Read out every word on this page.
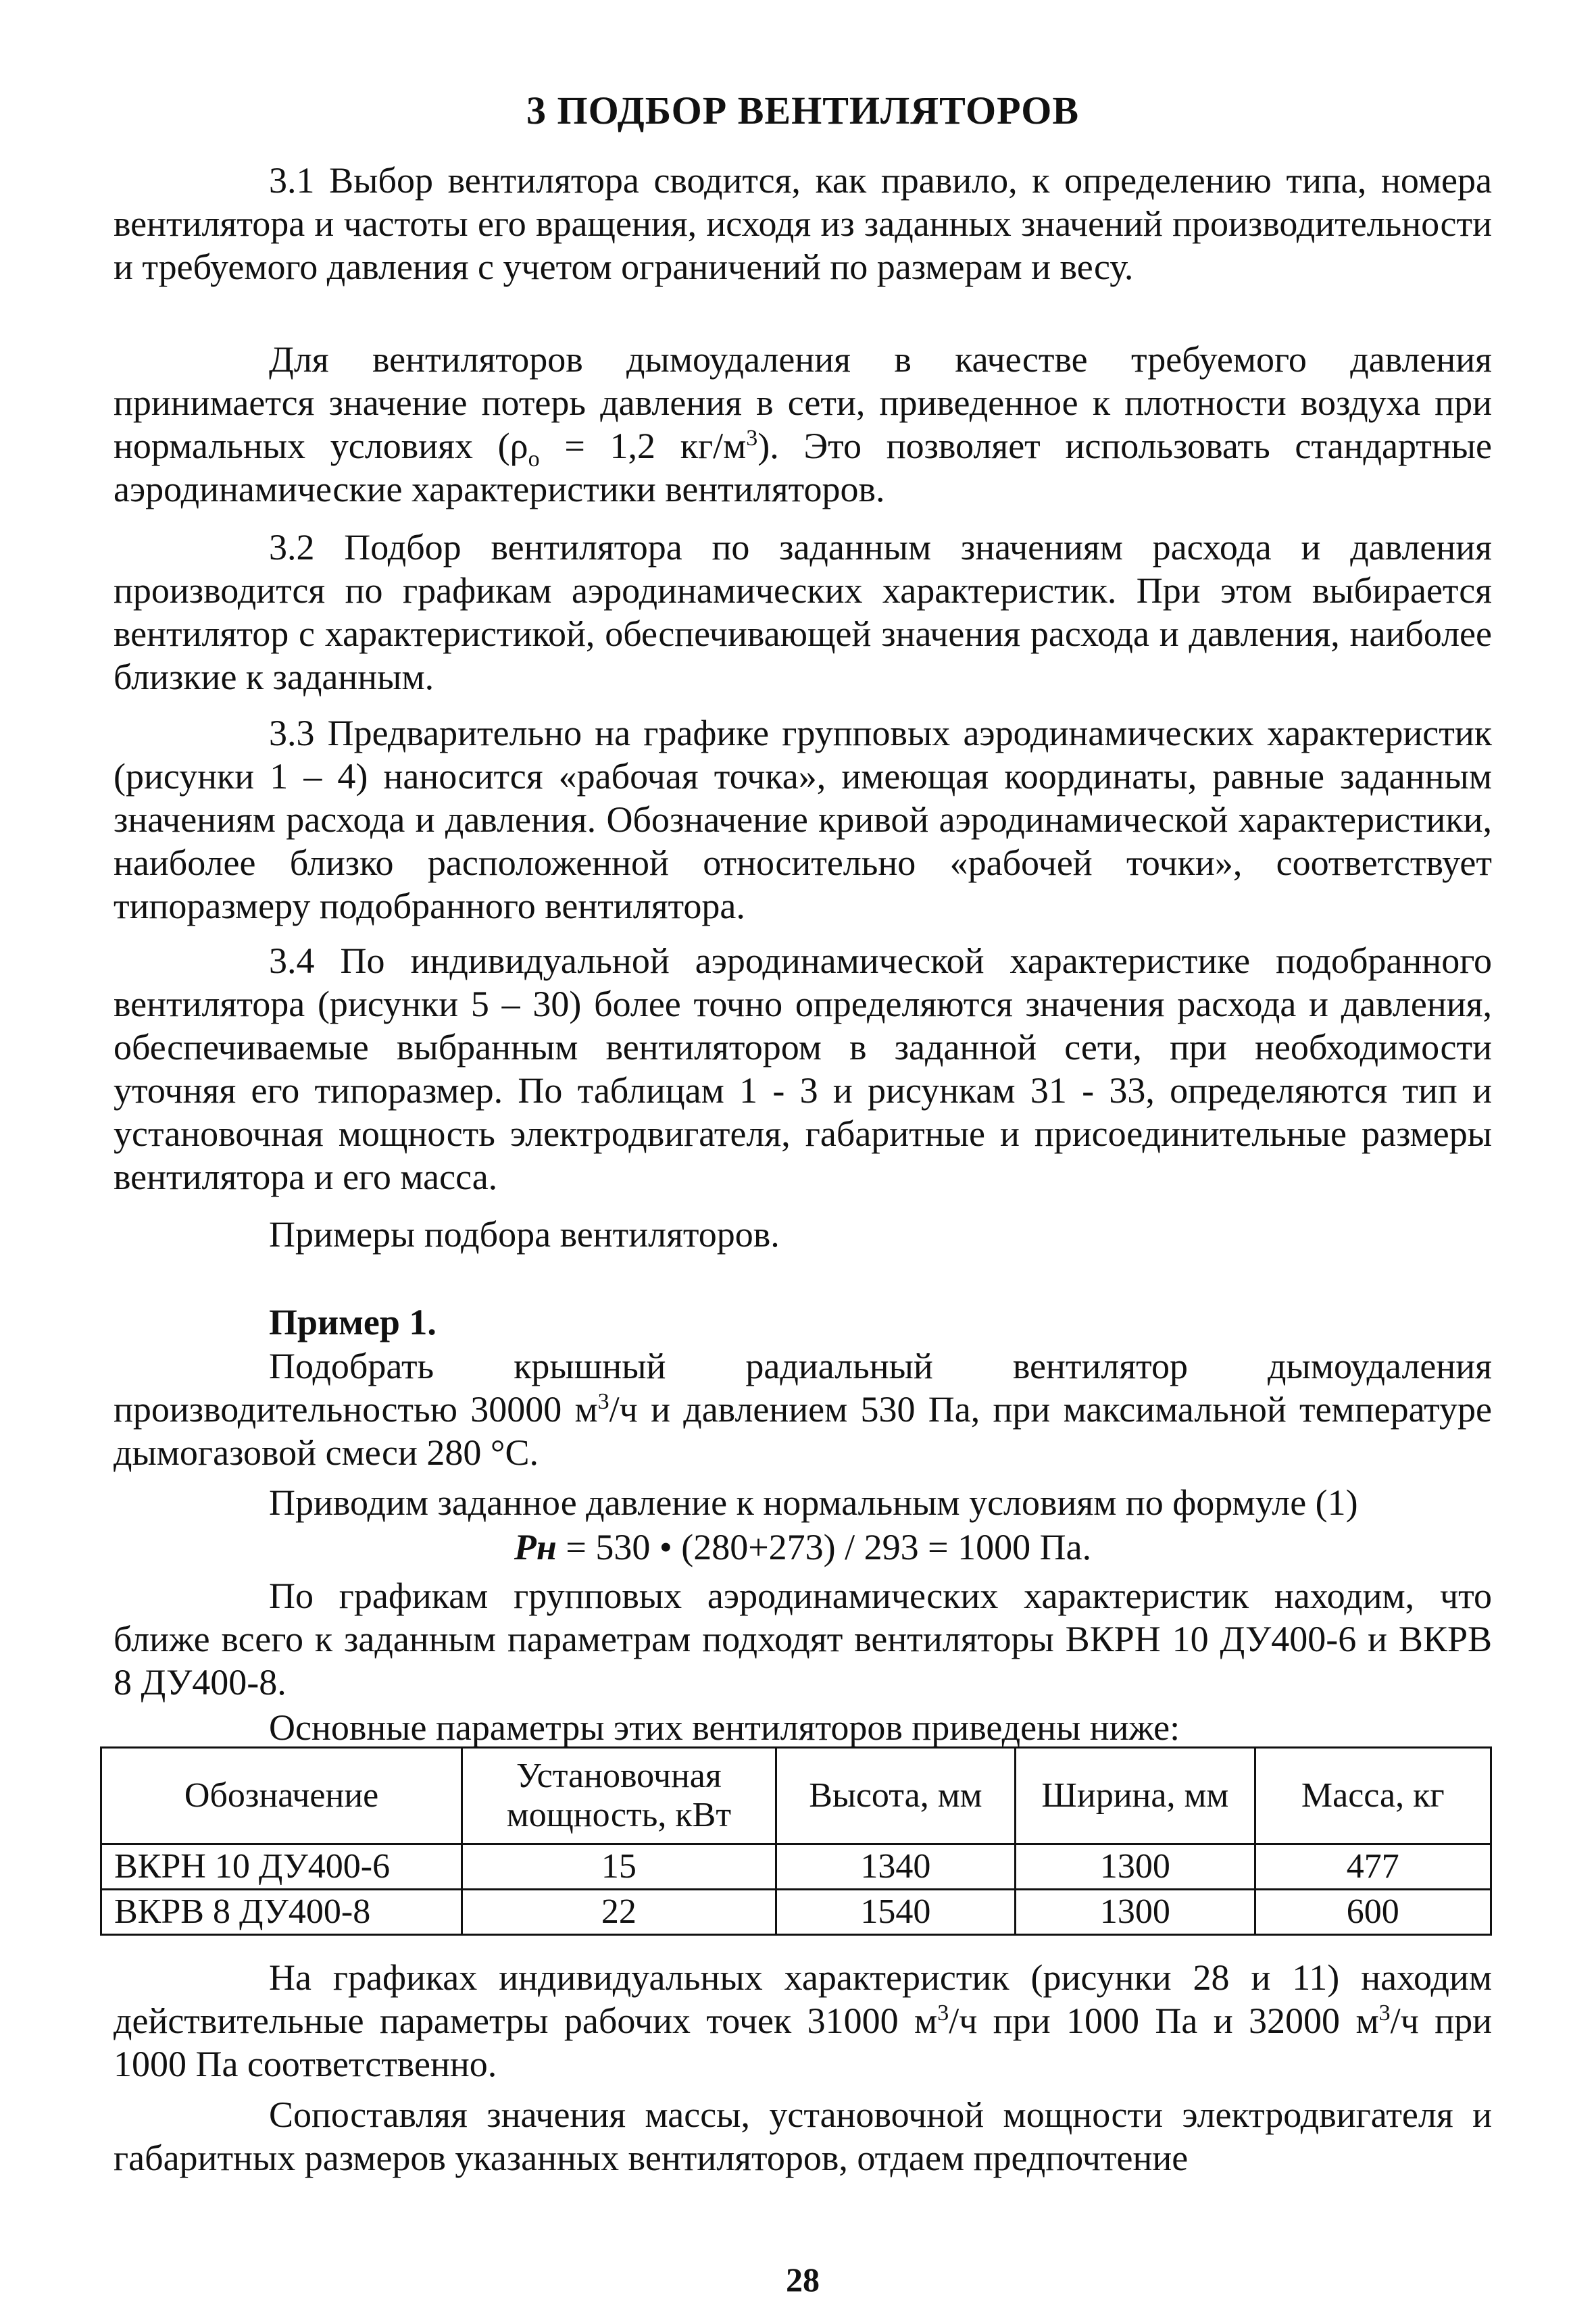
3 ПОДБОР ВЕНТИЛЯТОРОВ

3.1 Выбор вентилятора сводится, как правило, к определению типа, номера вентилятора и частоты его вращения, исходя из заданных значений производительности и требуемого давления с учетом ограничений по размерам и весу.

Для вентиляторов дымоудаления в качестве требуемого давления принимается значение потерь давления в сети, приведенное к плотности воздуха при нормальных условиях ($\rho_о = 1,2$ $кг/м^3$). Это позволяет использовать стандартные аэродинамические характеристики вентиляторов.

3.2 Подбор вентилятора по заданным значениям расхода и давления производится по графикам аэродинамических характеристик. При этом выбирается вентилятор с характеристикой, обеспечивающей значения расхода и давления, наиболее близкие к заданным.

3.3 Предварительно на графике групповых аэродинамических характеристик (рисунки 1 – 4) наносится «рабочая точка», имеющая координаты, равные заданным значениям расхода и давления. Обозначение кривой аэродинамической характеристики, наиболее близко расположенной относительно «рабочей точки», соответствует типоразмеру подобранного вентилятора.

3.4 По индивидуальной аэродинамической характеристике подобранного вентилятора (рисунки 5 – 30) более точно определяются значения расхода и давления, обеспечиваемые выбранным вентилятором в заданной сети, при необходимости уточняя его типоразмер. По таблицам 1 - 3 и рисункам 31 - 33, определяются тип и установочная мощность электродвигателя, габаритные и присоединительные размеры вентилятора и его масса.

Примеры подбора вентиляторов.

Пример 1.

Подобрать крышный радиальный вентилятор дымоудаления производительностью 30000 $м^3/ч$ и давлением 530 Па, при максимальной температуре дымогазовой смеси 280 °С.

Приводим заданное давление к нормальным условиям по формуле (1)

Рн = 530 • (280+273) / 293 = 1000 Па.

По графикам групповых аэродинамических характеристик находим, что ближе всего к заданным параметрам подходят вентиляторы ВКРН 10 ДУ400-6 и ВКРВ 8 ДУ400-8.

Основные параметры этих вентиляторов приведены ниже:

Обозначение	Установочная мощность, кВт	Высота, мм	Ширина, мм	Масса, кг
ВКРН 10 ДУ400-6	15	1340	1300	477
ВКРВ 8 ДУ400-8	22	1540	1300	600

На графиках индивидуальных характеристик (рисунки 28 и 11) находим действительные параметры рабочих точек 31000 $м^3/ч$ при 1000 Па и 32000 $м^3/ч$ при 1000 Па соответственно.

Сопоставляя значения массы, установочной мощности электродвигателя и габаритных размеров указанных вентиляторов, отдаем предпочтение

28
